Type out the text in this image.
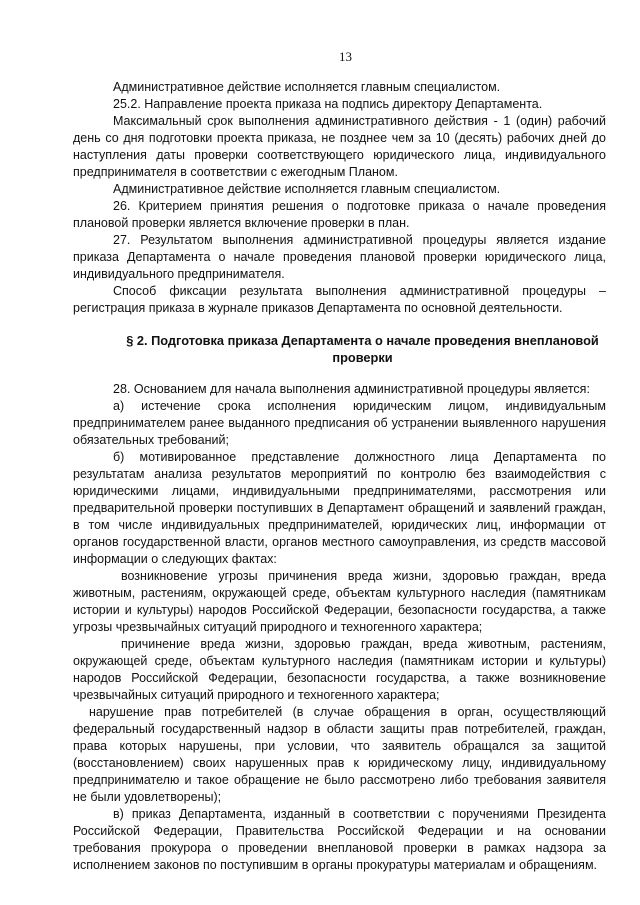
13

Административное действие исполняется главным специалистом.

25.2. Направление проекта приказа на подпись директору Департамента.

Максимальный срок выполнения административного действия - 1 (один) рабочий день со дня подготовки проекта приказа, не позднее чем за 10 (десять) рабочих дней до наступления даты проверки соответствующего юридического лица, индивидуального предпринимателя в соответствии с ежегодным Планом.

Административное действие исполняется главным специалистом.

26. Критерием принятия решения о подготовке приказа о начале проведения плановой проверки является включение проверки в план.

27. Результатом выполнения административной процедуры является издание приказа Департамента о начале проведения плановой проверки юридического лица, индивидуального предпринимателя.

Способ фиксации результата выполнения административной процедуры – регистрация приказа в журнале приказов Департамента по основной деятельности.

§ 2. Подготовка приказа Департамента о начале проведения внеплановой проверки

28. Основанием для начала выполнения административной процедуры является:

а) истечение срока исполнения юридическим лицом, индивидуальным предпринимателем ранее выданного предписания об устранении выявленного нарушения обязательных требований;

б) мотивированное представление должностного лица Департамента по результатам анализа результатов мероприятий по контролю без взаимодействия с юридическими лицами, индивидуальными предпринимателями, рассмотрения или предварительной проверки поступивших в Департамент обращений и заявлений граждан, в том числе индивидуальных предпринимателей, юридических лиц, информации от органов государственной власти, органов местного самоуправления, из средств массовой информации о следующих фактах:

возникновение угрозы причинения вреда жизни, здоровью граждан, вреда животным, растениям, окружающей среде, объектам культурного наследия (памятникам истории и культуры) народов Российской Федерации, безопасности государства, а также угрозы чрезвычайных ситуаций природного и техногенного характера;

причинение вреда жизни, здоровью граждан, вреда животным, растениям, окружающей среде, объектам культурного наследия (памятникам истории и культуры) народов Российской Федерации, безопасности государства, а также возникновение чрезвычайных ситуаций природного и техногенного характера;

нарушение прав потребителей (в случае обращения в орган, осуществляющий федеральный государственный надзор в области защиты прав потребителей, граждан, права которых нарушены, при условии, что заявитель обращался за защитой (восстановлением) своих нарушенных прав к юридическому лицу, индивидуальному предпринимателю и такое обращение не было рассмотрено либо требования заявителя не были удовлетворены);

в) приказ Департамента, изданный в соответствии с поручениями Президента Российской Федерации, Правительства Российской Федерации и на основании требования прокурора о проведении внеплановой проверки в рамках надзора за исполнением законов по поступившим в органы прокуратуры материалам и обращениям.
